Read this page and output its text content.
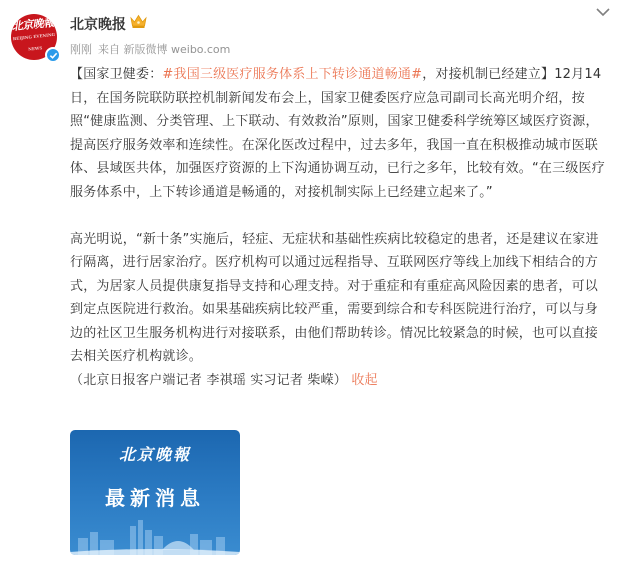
北京晚報
BEIJING EVENING NEWS
北京晚报
刚刚 来自 新版微博 weibo.com

【国家卫健委：#我国三级医疗服务体系上下转诊通道畅通#，对接机制已经建立】12月14日，在国务院联防联控机制新闻发布会上，国家卫健委医疗应急司副司长高光明介绍，按照“健康监测、分类管理、上下联动、有效救治”原则，国家卫健委科学统筹区域医疗资源，提高医疗服务效率和连续性。在深化医改过程中，过去多年，我国一直在积极推动城市医联体、县域医共体，加强医疗资源的上下沟通协调互动，已行之多年，比较有效。“在三级医疗服务体系中，上下转诊通道是畅通的，对接机制实际上已经建立起来了。”

高光明说，“新十条”实施后，轻症、无症状和基础性疾病比较稳定的患者，还是建议在家进行隔离，进行居家治疗。医疗机构可以通过远程指导、互联网医疗等线上加线下相结合的方式，为居家人员提供康复指导支持和心理支持。对于重症和有重症高风险因素的患者，可以到定点医院进行救治。如果基础疾病比较严重，需要到综合和专科医院进行治疗，可以与身边的社区卫生服务机构进行对接联系，由他们帮助转诊。情况比较紧急的时候，也可以直接去相关医疗机构就诊。

（北京日报客户端记者 李祺瑶 实习记者 柴嵘） 收起

北京晚報
最新消息
